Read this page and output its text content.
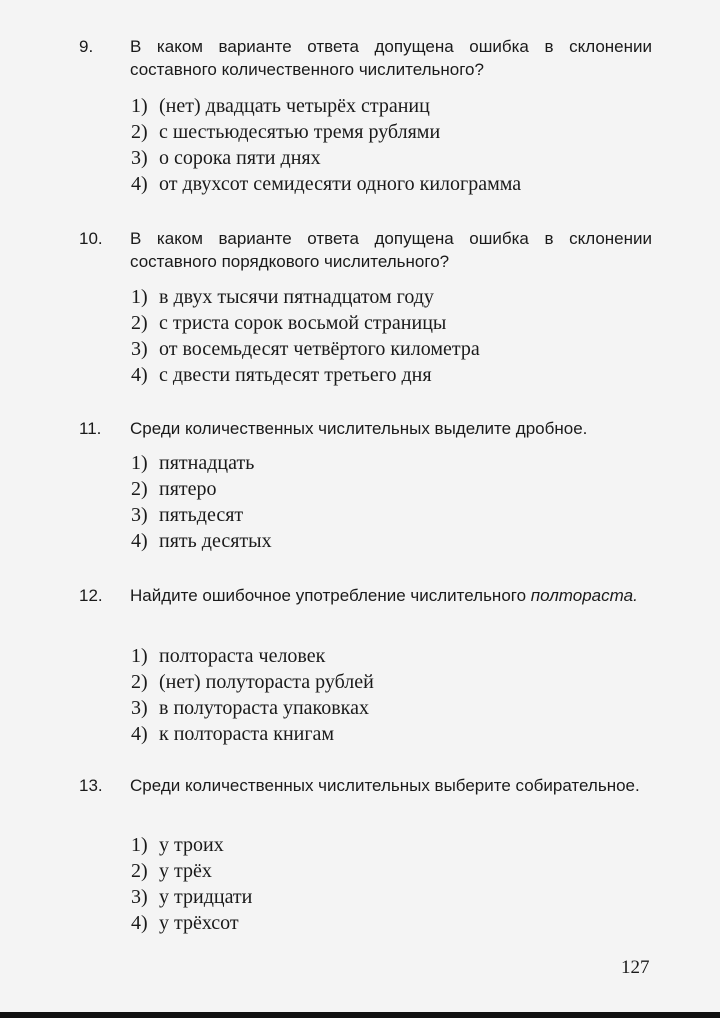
9. В каком варианте ответа допущена ошибка в склонении составного количественного числительного?
1) (нет) двадцать четырёх страниц
2) с шестьюдесятью тремя рублями
3) о сорока пяти днях
4) от двухсот семидесяти одного килограмма
10. В каком варианте ответа допущена ошибка в склонении составного порядкового числительного?
1) в двух тысячи пятнадцатом году
2) с триста сорок восьмой страницы
3) от восемьдесят четвёртого километра
4) с двести пятьдесят третьего дня
11. Среди количественных числительных выделите дробное.
1) пятнадцать
2) пятеро
3) пятьдесят
4) пять десятых
12. Найдите ошибочное употребление числительного полтораста.
1) полтораста человек
2) (нет) полутораста рублей
3) в полутораста упаковках
4) к полтораста книгам
13. Среди количественных числительных выберите собирательное.
1) у троих
2) у трёх
3) у тридцати
4) у трёхсот
127
